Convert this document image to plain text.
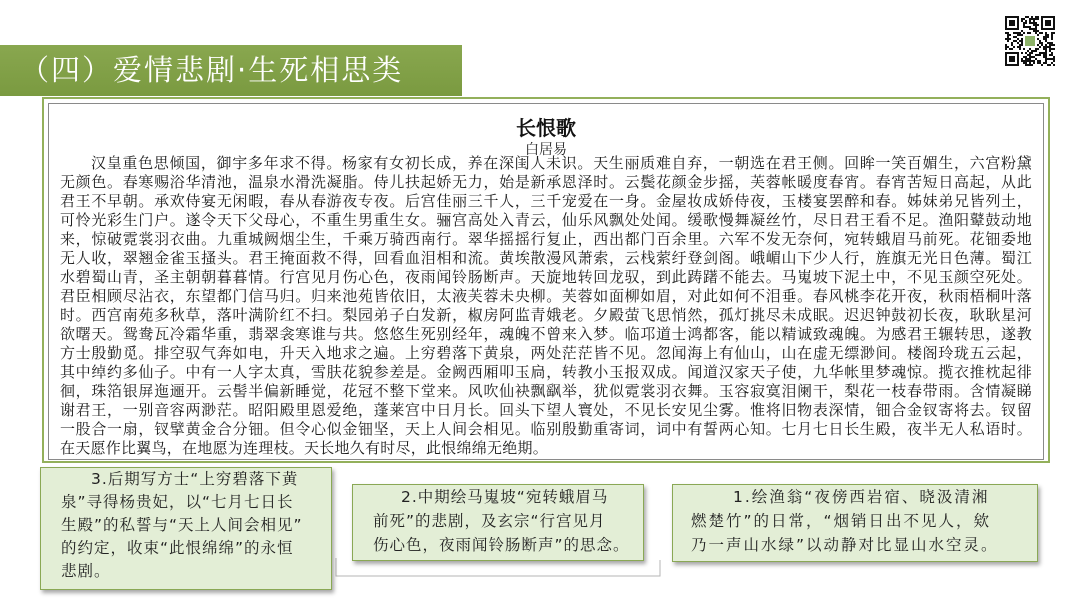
（四）爱情悲剧·生死相思类
长恨歌
白居易
汉皇重色思倾国，御宇多年求不得。杨家有女初长成，养在深闺人未识。天生丽质难自弃，一朝选在君王侧。回眸一笑百媚生，六宫粉黛
无颜色。春寒赐浴华清池，温泉水滑洗凝脂。侍儿扶起娇无力，始是新承恩泽时。云鬓花颜金步摇，芙蓉帐暖度春宵。春宵苦短日高起，从此
君王不早朝。承欢侍宴无闲暇，春从春游夜专夜。后宫佳丽三千人，三千宠爱在一身。金屋妆成娇侍夜，玉楼宴罢醉和春。姊妹弟兄皆列土，
可怜光彩生门户。遂令天下父母心，不重生男重生女。骊宫高处入青云，仙乐风飘处处闻。缓歌慢舞凝丝竹，尽日君王看不足。渔阳鼙鼓动地
来，惊破霓裳羽衣曲。九重城阙烟尘生，千乘万骑西南行。翠华摇摇行复止，西出都门百余里。六军不发无奈何，宛转蛾眉马前死。花钿委地
无人收，翠翘金雀玉搔头。君王掩面救不得，回看血泪相和流。黄埃散漫风萧索，云栈萦纡登剑阁。峨嵋山下少人行，旌旗无光日色薄。蜀江
水碧蜀山青，圣主朝朝暮暮情。行宫见月伤心色，夜雨闻铃肠断声。天旋地转回龙驭，到此踌躇不能去。马嵬坡下泥土中，不见玉颜空死处。
君臣相顾尽沾衣，东望都门信马归。归来池苑皆依旧，太液芙蓉未央柳。芙蓉如面柳如眉，对此如何不泪垂。春风桃李花开夜，秋雨梧桐叶落
时。西宫南苑多秋草，落叶满阶红不扫。梨园弟子白发新，椒房阿监青娥老。夕殿萤飞思悄然，孤灯挑尽未成眠。迟迟钟鼓初长夜，耿耿星河
欲曙天。鸳鸯瓦冷霜华重，翡翠衾寒谁与共。悠悠生死别经年，魂魄不曾来入梦。临邛道士鸿都客，能以精诚致魂魄。为感君王辗转思，遂教
方士殷勤觅。排空驭气奔如电，升天入地求之遍。上穷碧落下黄泉，两处茫茫皆不见。忽闻海上有仙山，山在虚无缥渺间。楼阁玲珑五云起，
其中绰约多仙子。中有一人字太真，雪肤花貌参差是。金阙西厢叩玉扃，转教小玉报双成。闻道汉家天子使，九华帐里梦魂惊。揽衣推枕起徘
徊，珠箔银屏迤逦开。云髻半偏新睡觉，花冠不整下堂来。风吹仙袂飘飖举，犹似霓裳羽衣舞。玉容寂寞泪阑干，梨花一枝春带雨。含情凝睇
谢君王，一别音容两渺茫。昭阳殿里恩爱绝，蓬莱宫中日月长。回头下望人寰处，不见长安见尘雾。惟将旧物表深情，钿合金钗寄将去。钗留
一股合一扇，钗擘黄金合分钿。但令心似金钿坚，天上人间会相见。临别殷勤重寄词，词中有誓两心知。七月七日长生殿，夜半无人私语时。
在天愿作比翼鸟，在地愿为连理枝。天长地久有时尽，此恨绵绵无绝期。
3.后期写方士“上穷碧落下黄
泉”寻得杨贵妃，以“七月七日长
生殿”的私誓与“天上人间会相见”
的约定，收束“此恨绵绵”的永恒
悲剧。
2.中期绘马嵬坡“宛转蛾眉马
前死”的悲剧，及玄宗“行宫见月
伤心色，夜雨闻铃肠断声”的思念。
1.绘渔翁“夜傍西岩宿、晓汲清湘
燃楚竹”的日常，“烟销日出不见人，欸
乃一声山水绿”以动静对比显山水空灵。
